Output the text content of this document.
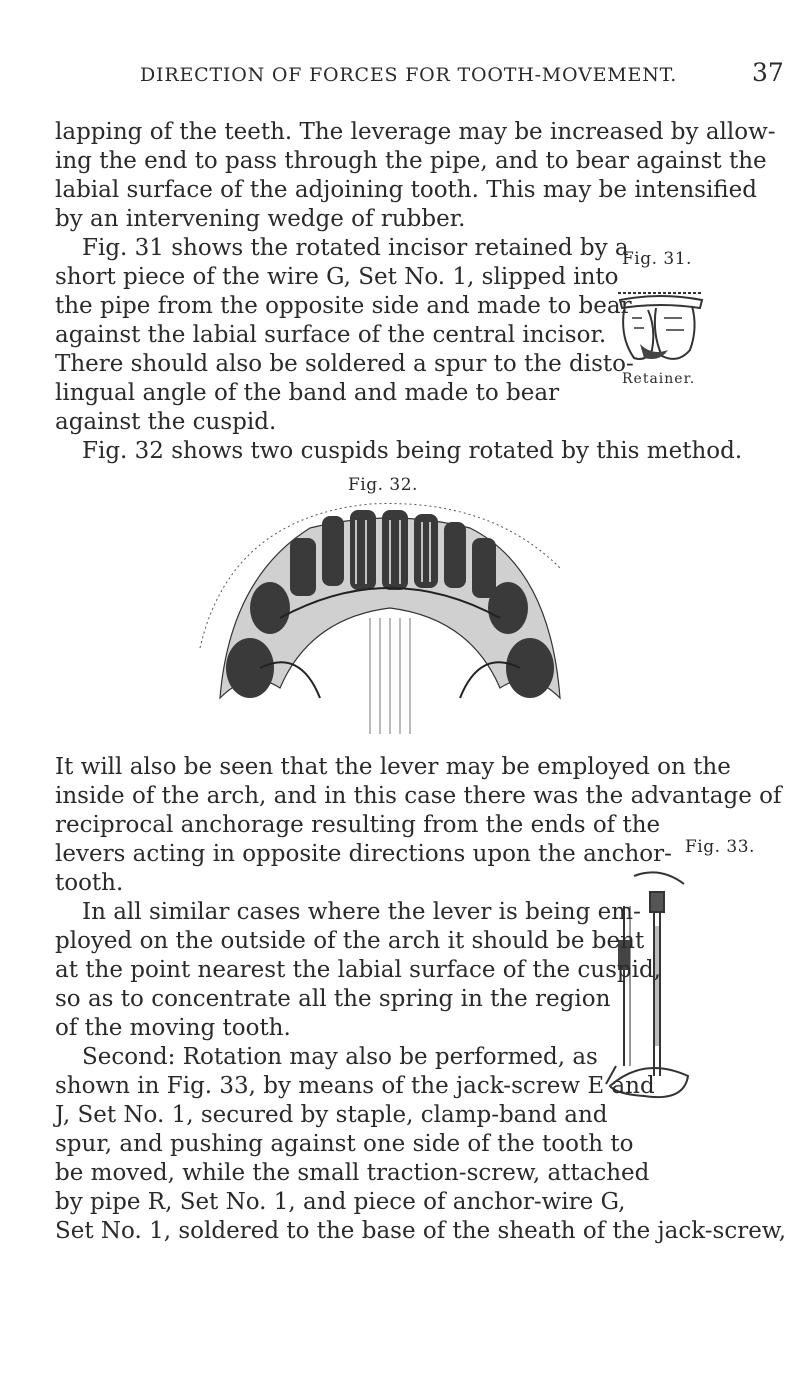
DIRECTION OF FORCES FOR TOOTH-MOVEMENT.	37
lapping of the teeth. The leverage may be increased by allow-
ing the end to pass through the pipe, and to bear against the
labial surface of the adjoining tooth. This may be intensified
by an intervening wedge of rubber.
Fig. 31 shows the rotated incisor retained by a
short piece of the wire G, Set No. 1, slipped into
the pipe from the opposite side and made to bear
against the labial surface of the central incisor.
There should also be soldered a spur to the disto-
lingual angle of the band and made to bear
against the cuspid.
Fig. 31.
Retainer.
Fig. 32 shows two cuspids being rotated by this method.
Fig. 32.
It will also be seen that the lever may be employed on the
inside of the arch, and in this case there was the advantage of
reciprocal anchorage resulting from the ends of the
levers acting in opposite directions upon the anchor-
tooth.
Fig. 33.
In all similar cases where the lever is being em-
ployed on the outside of the arch it should be bent
at the point nearest the labial surface of the cuspid,
so as to concentrate all the spring in the region
of the moving tooth.
Second: Rotation may also be performed, as
shown in Fig. 33, by means of the jack-screw E and
J, Set No. 1, secured by staple, clamp-band and
spur, and pushing against one side of the tooth to
be moved, while the small traction-screw, attached
by pipe R, Set No. 1, and piece of anchor-wire G,
Set No. 1, soldered to the base of the sheath of the jack-screw,
